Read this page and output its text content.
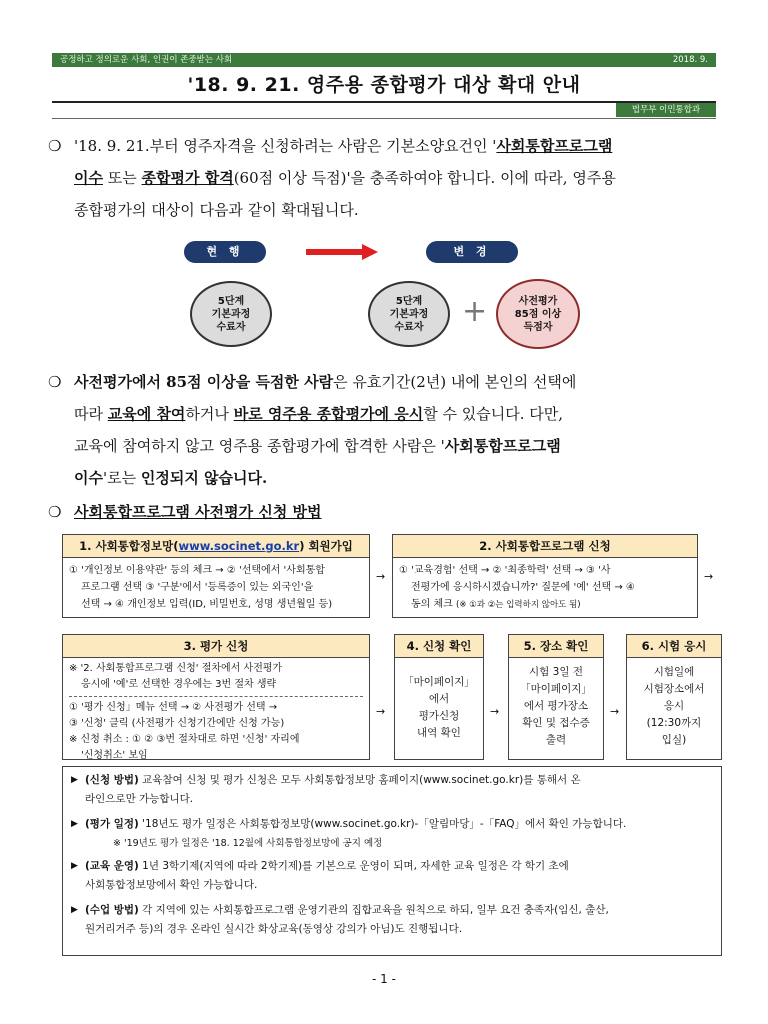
공정하고 정의로운 사회, 인권이 존중받는 사회	2018. 9.
'18. 9. 21. 영주용 종합평가 대상 확대 안내
법무부 이민통합과
❍ '18. 9. 21.부터 영주자격을 신청하려는 사람은 기본소양요건인 '사회통합프로그램

이수 또는 종합평가 합격(60점 이상 득점)'을 충족하여야 합니다. 이에 따라, 영주용
종합평가의 대상이 다음과 같이 확대됩니다.
현 행	변 경
5단계
기본과정
수료자
5단계
기본과정
수료자 +	사전평가
85점 이상
득점자
❍ 사전평가에서 85점 이상을 득점한 사람은 유효기간(2년) 내에 본인의 선택에

따라 교육에 참여하거나 바로 영주용 종합평가에 응시할 수 있습니다. 다만,
교육에 참여하지 않고 영주용 종합평가에 합격한 사람은 '사회통합프로그램
이수'로는 인정되지 않습니다.
❍ 사회통합프로그램 사전평가 신청 방법
1. 사회통합정보망(www.socinet.go.kr) 회원가입
① '개인정보 이용약관' 등의 체크 → ② '선택에서 '사회통합
프로그램 선택 ③ '구분'에서 '등록증이 있는 외국인'을
선택 → ④ 개인정보 입력(ID, 비밀번호, 성명 생년월일 등)
→
2. 사회통합프로그램 신청
① '교육경험' 선택 → ② '최종학력' 선택 → ③ '사
전평가에 응시하시겠습니까?' 질문에 '예' 선택 → ④
동의 체크 (※ ①과 ②는 입력하지 않아도 됨)
→
3. 평가 신청
※ '2. 사회통합프로그램 신청' 절차에서 사전평가
응시에 '예'로 선택한 경우에는 3번 절차 생략
① '평가 신청」메뉴 선택 → ② 사전평가 선택 →
③ '신청' 클릭 (사전평가 신청기간에만 신청 가능)
※ 신청 취소 : ① ② ③번 절차대로 하면 '신청' 자리에
'신청취소' 보임
→
4. 신청 확인
「마이페이지」
에서
평가신청
내역 확인
→
5. 장소 확인
시험 3일 전
「마이페이지」
에서 평가장소
확인 및 접수증
출력
→
6. 시험 응시
시험일에
시험장소에서
응시
(12:30까지
입실)
▶ (신청 방법) 교육참여 신청 및 평가 신청은 모두 사회통합정보망 홈페이지(www.socinet.go.kr)를 통해서 온
라인으로만 가능합니다.
▶ (평가 일정) '18년도 평가 일정은 사회통합정보망(www.socinet.go.kr)-「알림마당」-「FAQ」에서 확인 가능합니다.
※ '19년도 평가 일정은 '18. 12월에 사회통합정보망에 공지 예정
▶ (교육 운영) 1년 3학기제(지역에 따라 2학기제)를 기본으로 운영이 되며, 자세한 교육 일정은 각 학기 초에
사회통합정보망에서 확인 가능합니다.
▶ (수업 방법) 각 지역에 있는 사회통합프로그램 운영기관의 집합교육을 원칙으로 하되, 일부 요건 충족자(임신, 출산,
원거리거주 등)의 경우 온라인 실시간 화상교육(동영상 강의가 아님)도 진행됩니다.
- 1 -
